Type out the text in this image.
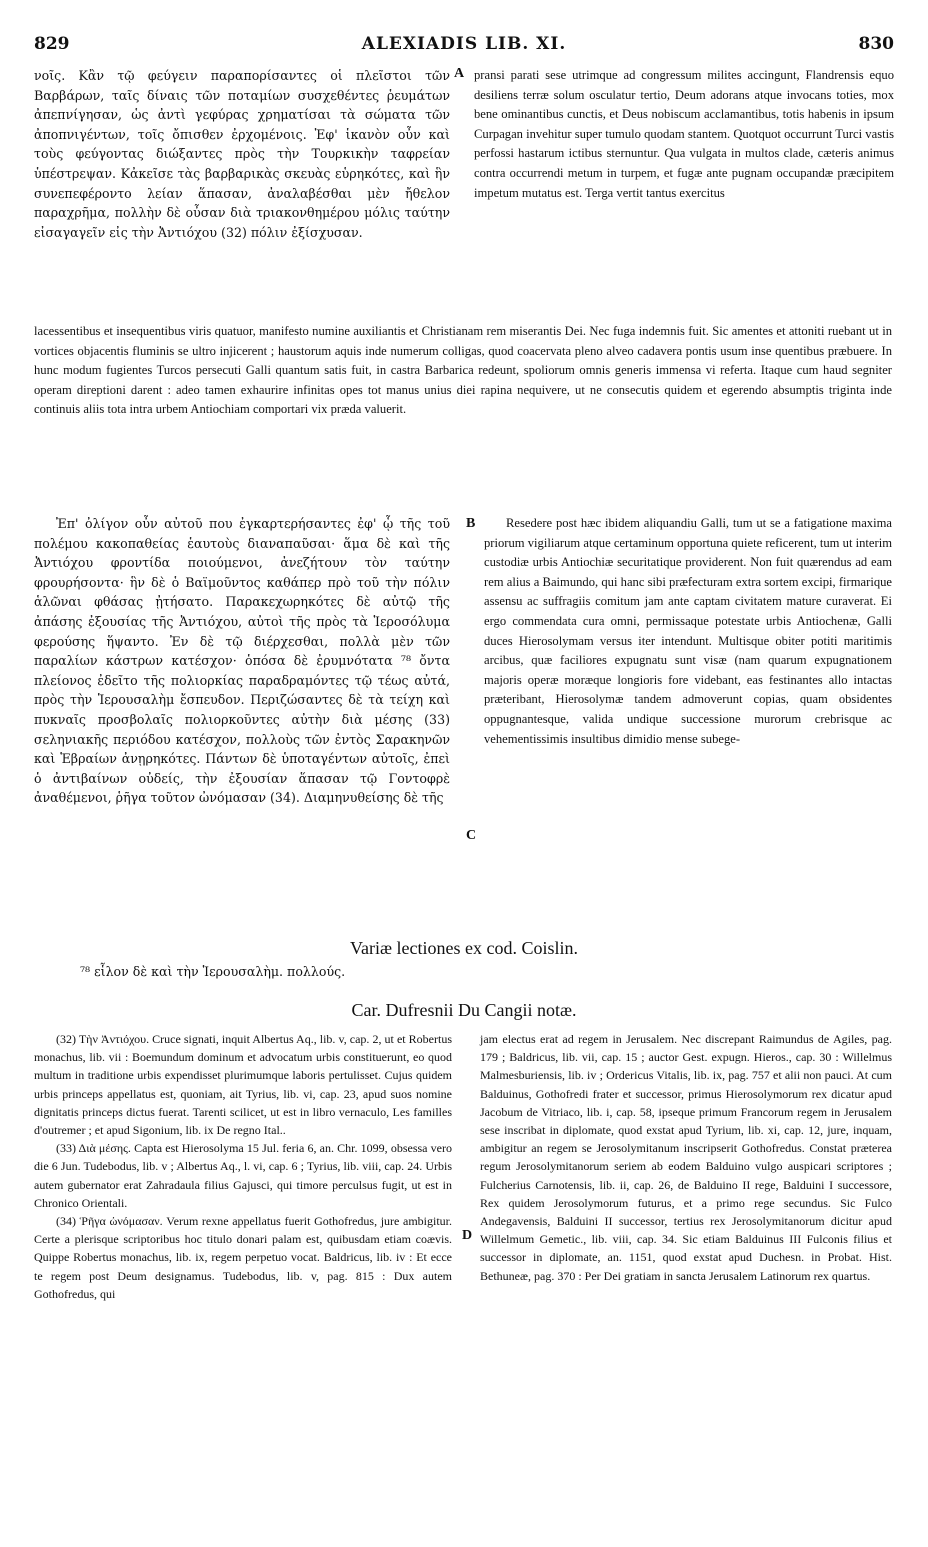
829	ALEXIADIS LIB. XI.	830

νοῖς. Κἂν τῷ φεύγειν παραπορίσαντες οἱ πλεῖστοι τῶν Βαρβάρων, ταῖς δίναις τῶν ποταμίων συσχεθέντες ῥευμάτων ἀπεπνίγησαν, ὡς ἀντὶ γεφύρας χρηματίσαι τὰ σώματα τῶν ἀποπνιγέντων, τοῖς ὄπισθεν ἐρχομένοις. Ἐφ' ἱκανὸν οὖν καὶ τοὺς φεύγοντας διώξαντες πρὸς τὴν Τουρκικὴν ταφρείαν ὑπέστρεψαν. Κἀκεῖσε τὰς βαρβαρικὰς σκευὰς εὑρηκότες, καὶ ἣν συνεπεφέροντο λείαν ἅπασαν, ἀναλαβέσθαι μὲν ἤθελον παραχρῆμα, πολλὴν δὲ οὖσαν διὰ τριακονθημέρου μόλις ταύτην εἰσαγαγεῖν εἰς τὴν Ἀντιόχου (32) πόλιν ἐξίσχυσαν.

A pransi parati sese utrimque ad congressum milites accingunt, Flandrensis equo desiliens terræ solum osculatur tertio, Deum adorans atque invocans toties, mox bene ominantibus cunctis, et Deus nobiscum acclamantibus, totis habenis in ipsum Curpagan invehitur super tumulo quodam stantem. Quotquot occurrunt Turci vastis perfossi hastarum ictibus sternuntur. Qua vulgata in multos clade, cæteris animus contra occurrendi metum in turpem, et fugæ ante pugnam occupandæ præcipitem impetum mutatus est. Terga vertit tantus exercitus

lacessentibus et insequentibus viris quatuor, manifesto numine auxiliantis et Christianam rem miserantis Dei. Nec fuga indemnis fuit. Sic amentes et attoniti ruebant ut in vortices objacentis fluminis se ultro injicerent ; haustorum aquis inde numerum colligas, quod coacervata pleno alveo cadavera pontis usum inse quentibus præbuere. In hunc modum fugientes Turcos persecuti Galli quantum satis fuit, in castra Barbarica redeunt, spoliorum omnis generis immensa vi referta. Itaque cum haud segniter operam direptioni darent : adeo tamen exhaurire infinitas opes tot manus unius diei rapina nequivere, ut ne consecutis quidem et egerendo absumptis triginta inde continuis aliis tota intra urbem Antiochiam comportari vix præda valuerit.

Ἐπ' ὀλίγον οὖν αὐτοῦ που ἐγκαρτερήσαντες ἐφ' ᾧ τῆς τοῦ πολέμου κακοπαθείας ἑαυτοὺς διαναπαῦσαι· ἅμα δὲ καὶ τῆς Ἀντιόχου φροντίδα ποιούμενοι, ἀνεζήτουν τὸν ταύτην φρουρήσοντα· ἣν δὲ ὁ Βαϊμοῦντος καθάπερ πρὸ τοῦ τὴν πόλιν ἁλῶναι φθάσας ᾐτήσατο. Παρακεχωρηκότες δὲ αὐτῷ τῆς ἀπάσης ἐξουσίας τῆς Ἀντιόχου, αὐτοὶ τῆς πρὸς τὰ Ἱεροσόλυμα φερούσης ἥψαντο. Ἐν δὲ τῷ διέρχεσθαι, πολλὰ μὲν τῶν παραλίων κάστρων κατέσχον· ὁπόσα δὲ ἐρυμνότατα ⁷⁸ ὄντα πλείονος ἐδεῖτο τῆς πολιορκίας παραδραμόντες τῷ τέως αὐτά, πρὸς τὴν Ἱερουσαλὴμ ἔσπευδον. Περιζώσαντες δὲ τὰ τείχη καὶ πυκναῖς προσβολαῖς πολιορκοῦντες αὐτὴν διὰ μέσης (33) σεληνιακῆς περιόδου κατέσχον, πολλοὺς τῶν ἐντὸς Σαρακηνῶν καὶ Ἑβραίων ἀνῃρηκότες. Πάντων δὲ ὑποταγέντων αὐτοῖς, ἐπεὶ ὁ ἀντιβαίνων οὐδείς, τὴν ἐξουσίαν ἅπασαν τῷ Γοντοφρὲ ἀναθέμενοι, ῥῆγα τοῦτον ὠνόμασαν (34). Διαμηνυθείσης δὲ τῆς

B
C

Resedere post hæc ibidem aliquandiu Galli, tum ut se a fatigatione maxima priorum vigiliarum atque certaminum opportuna quiete reficerent, tum ut interim custodiæ urbis Antiochiæ securitatique providerent. Non fuit quærendus ad eam rem alius a Baimundo, qui hanc sibi præfecturam extra sortem excipi, firmarique assensu ac suffragiis comitum jam ante captam civitatem mature curaverat. Ei ergo commendata cura omni, permissaque potestate urbis Antiochenæ, Galli duces Hierosolymam versus iter intendunt. Multisque obiter potiti maritimis arcibus, quæ faciliores expugnatu sunt visæ (nam quarum expugnationem majoris operæ moræque longioris fore videbant, eas festinantes allo intactas præteribant, Hierosolymæ tandem admoverunt copias, quam obsidentes oppugnantesque, valida undique successione murorum crebrisque ac vehementissimis insultibus dimidio mense subege-

Variæ lectiones ex cod. Coislin.
⁷⁸ εἷλον δὲ καὶ τὴν Ἱερουσαλὴμ. πολλούς.
Car. Dufresnii Du Cangii notæ.

(32) Τὴν Ἀντιόχου. Cruce signati, inquit Albertus Aq., lib. v, cap. 2, ut et Robertus monachus, lib. vii : Boemundum dominum et advocatum urbis constituerunt, eo quod multum in traditione urbis expendisset plurimumque laboris pertulisset. Cujus quidem urbis princeps appellatus est, quoniam, ait Tyrius, lib. vi, cap. 23, apud suos nomine dignitatis princeps dictus fuerat. Tarenti scilicet, ut est in libro vernaculo, Les familles d'outremer ; et apud Sigonium, lib. ix De regno Ital..

(33) Διὰ μέσης. Capta est Hierosolyma 15 Jul. feria 6, an. Chr. 1099, obsessa vero die 6 Jun. Tudebodus, lib. v ; Albertus Aq., l. vi, cap. 6 ; Tyrius, lib. viii, cap. 24. Urbis autem gubernator erat Zahradaula filius Gajusci, qui timore perculsus fugit, ut est in Chronico Orientali.

(34) Ῥῆγα ὠνόμασαν. Verum rexne appellatus fuerit Gothofredus, jure ambigitur. Certe a plerisque scriptoribus hoc titulo donari palam est, quibusdam etiam coævis. Quippe Robertus monachus, lib. ix, regem perpetuo vocat. Baldricus, lib. iv : Et ecce te regem post Deum designamus. Tudebodus, lib. v, pag. 815 : Dux autem Gothofredus, qui

D

jam electus erat ad regem in Jerusalem. Nec discrepant Raimundus de Agiles, pag. 179 ; Baldricus, lib. vii, cap. 15 ; auctor Gest. expugn. Hieros., cap. 30 : Willelmus Malmesburiensis, lib. iv ; Ordericus Vitalis, lib. ix, pag. 757 et alii non pauci. At cum Balduinus, Gothofredi frater et successor, primus Hierosolymorum rex dicatur apud Jacobum de Vitriaco, lib. i, cap. 58, ipseque primum Francorum regem in Jerusalem sese inscribat in diplomate, quod exstat apud Tyrium, lib. xi, cap. 12, jure, inquam, ambigitur an regem se Jerosolymitanum inscripserit Gothofredus. Constat præterea regum Jerosolymitanorum seriem ab eodem Balduino vulgo auspicari scriptores ; Fulcherius Carnotensis, lib. ii, cap. 26, de Balduino II rege, Balduini I successore, Rex quidem Jerosolymorum futurus, et a primo rege secundus. Sic Fulco Andegavensis, Balduini II successor, tertius rex Jerosolymitanorum dicitur apud Willelmum Gemetic., lib. viii, cap. 34. Sic etiam Balduinus III Fulconis filius et successor in diplomate, an. 1151, quod exstat apud Duchesn. in Probat. Hist. Bethuneæ, pag. 370 : Per Dei gratiam in sancta Jerusalem Latinorum rex quartus.
